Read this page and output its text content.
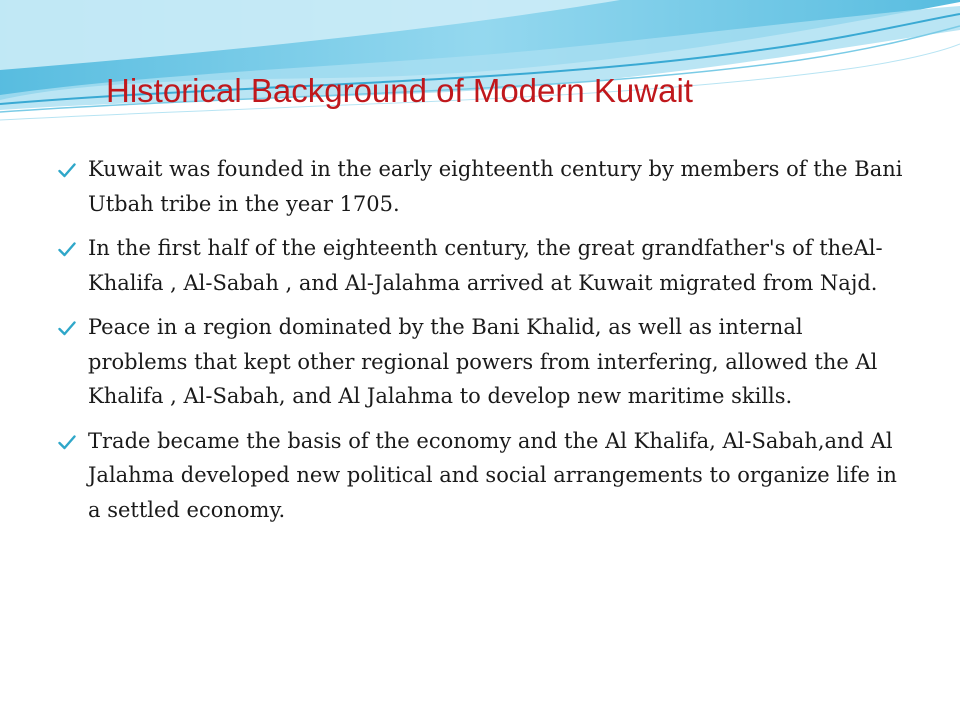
Historical Background of Modern Kuwait
Kuwait was founded in the early eighteenth century by members of the Bani Utbah tribe in the year 1705.
In the first half of the eighteenth century, the great grandfather's of theAl-Khalifa , Al-Sabah , and Al-Jalahma arrived at Kuwait migrated from Najd.
Peace in a region dominated by the Bani Khalid, as well as internal problems that kept other regional powers from interfering, allowed the Al Khalifa , Al-Sabah, and Al Jalahma to develop new maritime skills.
Trade became the basis of the economy and the Al Khalifa, Al-Sabah,and Al Jalahma developed new political and social arrangements to organize life in a settled economy.
